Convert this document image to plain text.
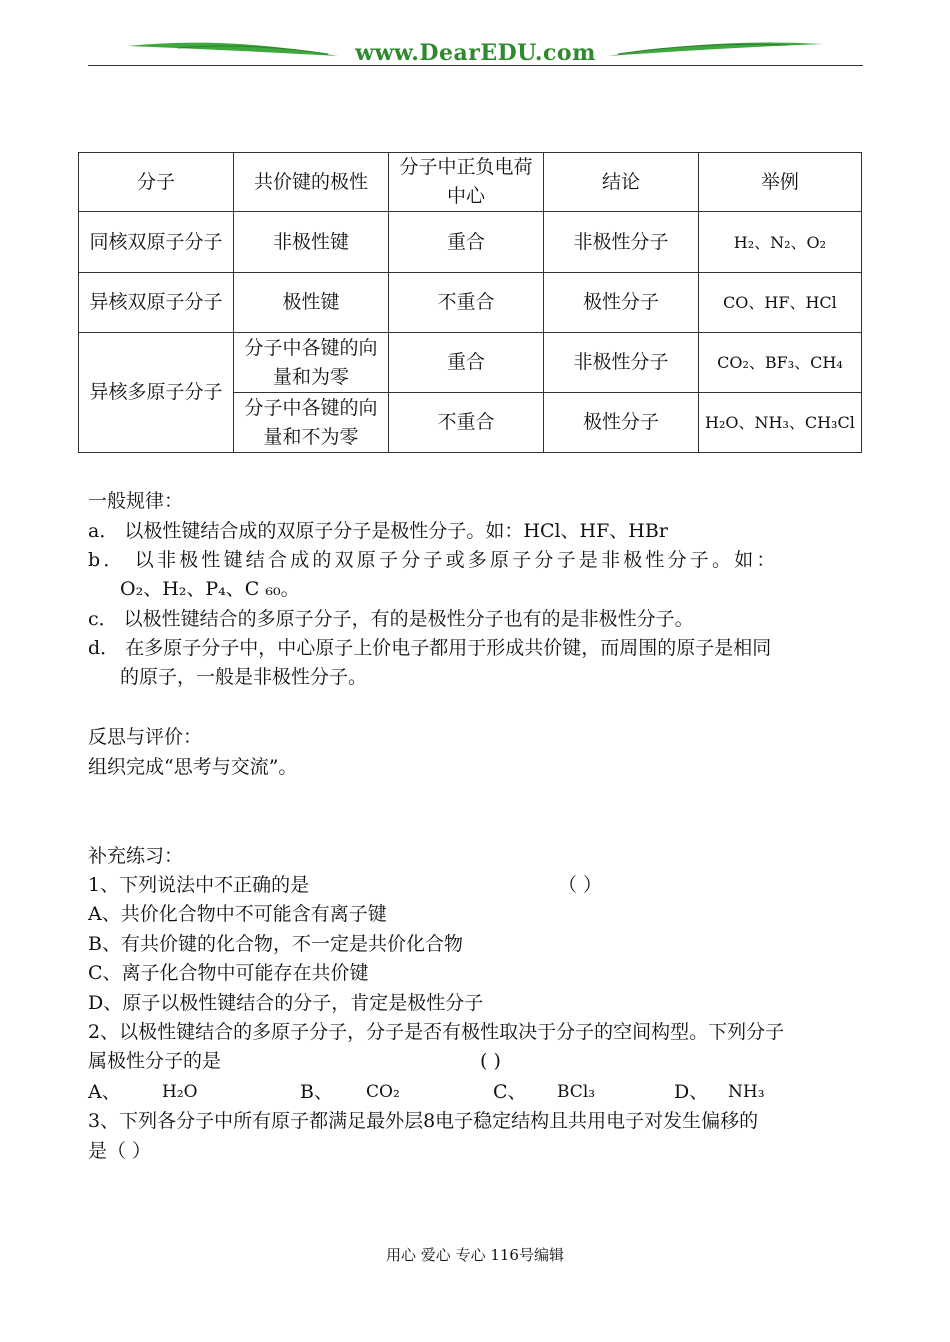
www.DearEDU.com
分子	共价键的极性	分子中正负电荷中心	结论	举例
同核双原子分子	非极性键	重合	非极性分子	H₂、N₂、O₂
异核双原子分子	极性键	不重合	极性分子	CO、HF、HCl
异核多原子分子	分子中各键的向量和为零	重合	非极性分子	CO₂、BF₃、CH₄
	分子中各键的向量和不为零	不重合	极性分子	H₂O、NH₃、CH₃Cl
一般规律：
a． 以极性键结合成的双原子分子是极性分子。如：HCl、HF、HBr
b． 以非极性键结合成的双原子分子或多原子分子是非极性分子。如：
O₂、H₂、P₄、C ₆₀。
c． 以极性键结合的多原子分子，有的是极性分子也有的是非极性分子。
d． 在多原子分子中，中心原子上价电子都用于形成共价键，而周围的原子是相同
的原子，一般是非极性分子。
反思与评价：
组织完成“思考与交流”。
补充练习：
1、下列说法中不正确的是	（ ）
A、共价化合物中不可能含有离子键
B、有共价键的化合物，不一定是共价化合物
C、离子化合物中可能存在共价键
D、原子以极性键结合的分子，肯定是极性分子
2、以极性键结合的多原子分子，分子是否有极性取决于分子的空间构型。下列分子
属极性分子的是	( )
A、 H₂O	B、 CO₂	C、 BCl₃	D、 NH₃
3、下列各分子中所有原子都满足最外层8电子稳定结构且共用电子对发生偏移的
是（ ）
用心 爱心 专心 116号编辑
